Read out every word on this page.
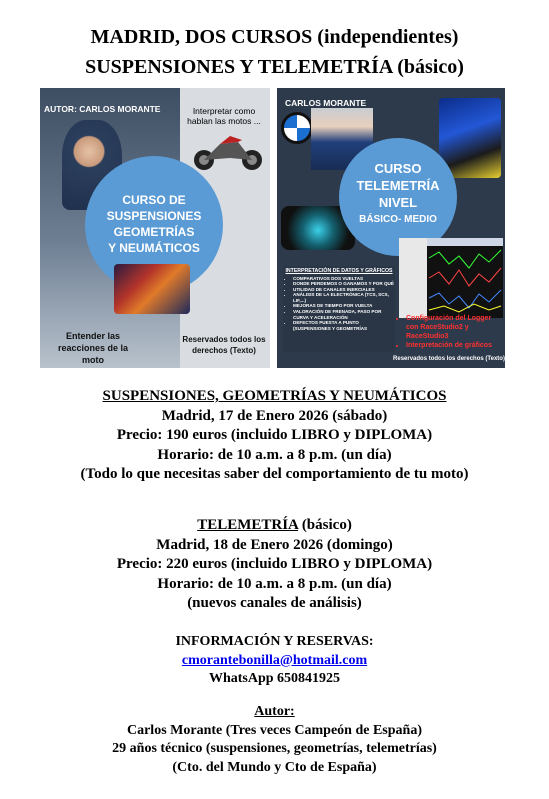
MADRID, DOS CURSOS (independientes)
SUSPENSIONES Y TELEMETRÍA (básico)
AUTOR: CARLOS MORANTE	Interpretar como hablan las motos ...
CURSO DE
SUSPENSIONES
GEOMETRÍAS
Y NEUMÁTICOS
Entender las reacciones de la moto
Reservados todos los derechos (Texto)
CARLOS MORANTE
CURSO
TELEMETRÍA
NIVEL
BÁSICO- MEDIO
INTERPRETACIÓN DE DATOS Y GRÁFICOS
• COMPARATIVOS DOS VUELTAS
• DONDE PERDEMOS O GANAMOS Y POR QUÉ
• UTILIDAD DE CANALES INERCIALES
• ANÁLISIS DE LA ELECTRÓNICA (TCS, SCS, LIF,...)
• MEJORAS DE TIEMPO POR VUELTA
• VALORACIÓN DE FRENADA, PASO POR CURVA Y ACELERACIÓN
• DEFECTOS PUESTA A PUNTO (SUSPENSIONES Y GEOMETRÍAS
• Configuración del Logger con RaceStudio2 y RaceStudio3
• Interpretación de gráficos
Reservados todos los derechos (Texto)
SUSPENSIONES, GEOMETRÍAS Y NEUMÁTICOS
Madrid, 17 de Enero 2026 (sábado)
Precio: 190 euros (incluido LIBRO y DIPLOMA)
Horario: de 10 a.m. a 8 p.m. (un día)
(Todo lo que necesitas saber del comportamiento de tu moto)
TELEMETRÍA (básico)
Madrid, 18 de Enero 2026 (domingo)
Precio: 220 euros (incluido LIBRO y DIPLOMA)
Horario: de 10 a.m. a 8 p.m. (un día)
(nuevos canales de análisis)
INFORMACIÓN Y RESERVAS:
cmorantebonilla@hotmail.com
WhatsApp 650841925
Autor:
Carlos Morante (Tres veces Campeón de España)
29 años técnico (suspensiones, geometrías, telemetrías)
(Cto. del Mundo y Cto de España)
